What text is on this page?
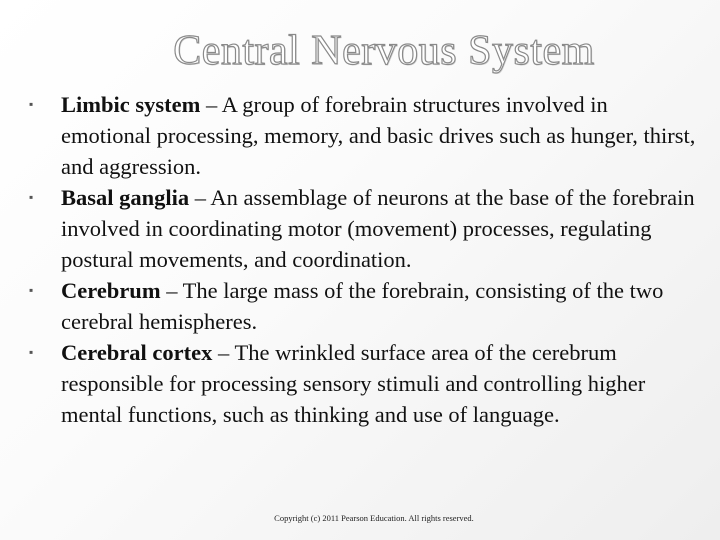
Central Nervous System

▪ Limbic system – A group of forebrain structures involved in emotional processing, memory, and basic drives such as hunger, thirst, and aggression.

▪ Basal ganglia – An assemblage of neurons at the base of the forebrain involved in coordinating motor (movement) processes, regulating postural movements, and coordination.

▪ Cerebrum – The large mass of the forebrain, consisting of the two cerebral hemispheres.

▪ Cerebral cortex – The wrinkled surface area of the cerebrum responsible for processing sensory stimuli and controlling higher mental functions, such as thinking and use of language.

Copyright (c) 2011 Pearson Education. All rights reserved.
